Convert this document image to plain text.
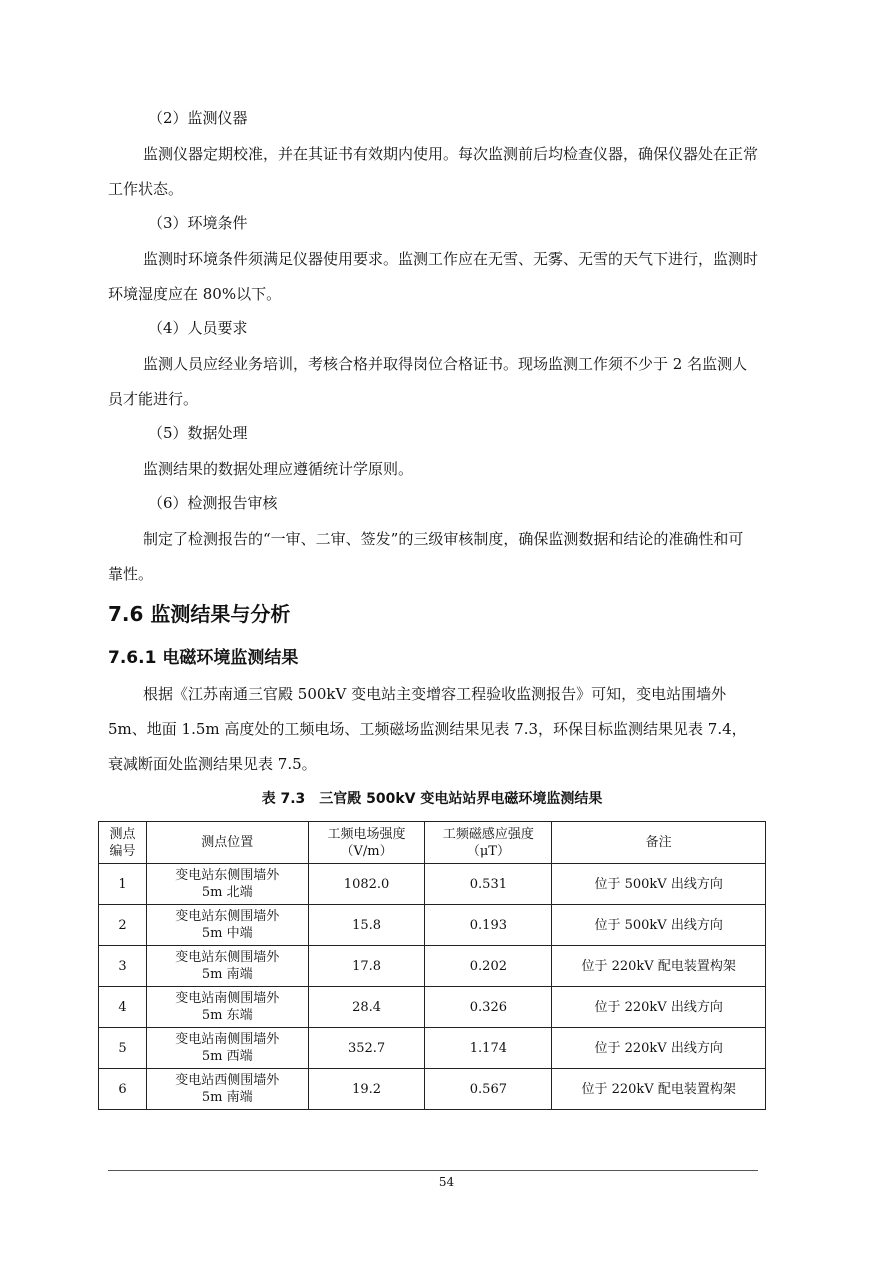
（2）监测仪器

监测仪器定期校准，并在其证书有效期内使用。每次监测前后均检查仪器，确保仪器处在正常工作状态。

（3）环境条件

监测时环境条件须满足仪器使用要求。监测工作应在无雪、无雾、无雪的天气下进行，监测时环境湿度应在 80%以下。

（4）人员要求

监测人员应经业务培训，考核合格并取得岗位合格证书。现场监测工作须不少于 2 名监测人员才能进行。

（5）数据处理

监测结果的数据处理应遵循统计学原则。

（6）检测报告审核

制定了检测报告的“一审、二审、签发”的三级审核制度，确保监测数据和结论的准确性和可靠性。

7.6 监测结果与分析
7.6.1 电磁环境监测结果

根据《江苏南通三官殿 500kV 变电站主变增容工程验收监测报告》可知，变电站围墙外 5m、地面 1.5m 高度处的工频电场、工频磁场监测结果见表 7.3，环保目标监测结果见表 7.4，衰减断面处监测结果见表 7.5。

表 7.3　三官殿 500kV 变电站站界电磁环境监测结果

测点
编号	测点位置	工频电场强度
（V/m）	工频磁感应强度
（μT）	备注
1	变电站东侧围墙外
5m 北端	1082.0	0.531	位于 500kV 出线方向
2	变电站东侧围墙外
5m 中端	15.8	0.193	位于 500kV 出线方向
3	变电站东侧围墙外
5m 南端	17.8	0.202	位于 220kV 配电装置构架
4	变电站南侧围墙外
5m 东端	28.4	0.326	位于 220kV 出线方向
5	变电站南侧围墙外
5m 西端	352.7	1.174	位于 220kV 出线方向
6	变电站西侧围墙外
5m 南端	19.2	0.567	位于 220kV 配电装置构架
54
